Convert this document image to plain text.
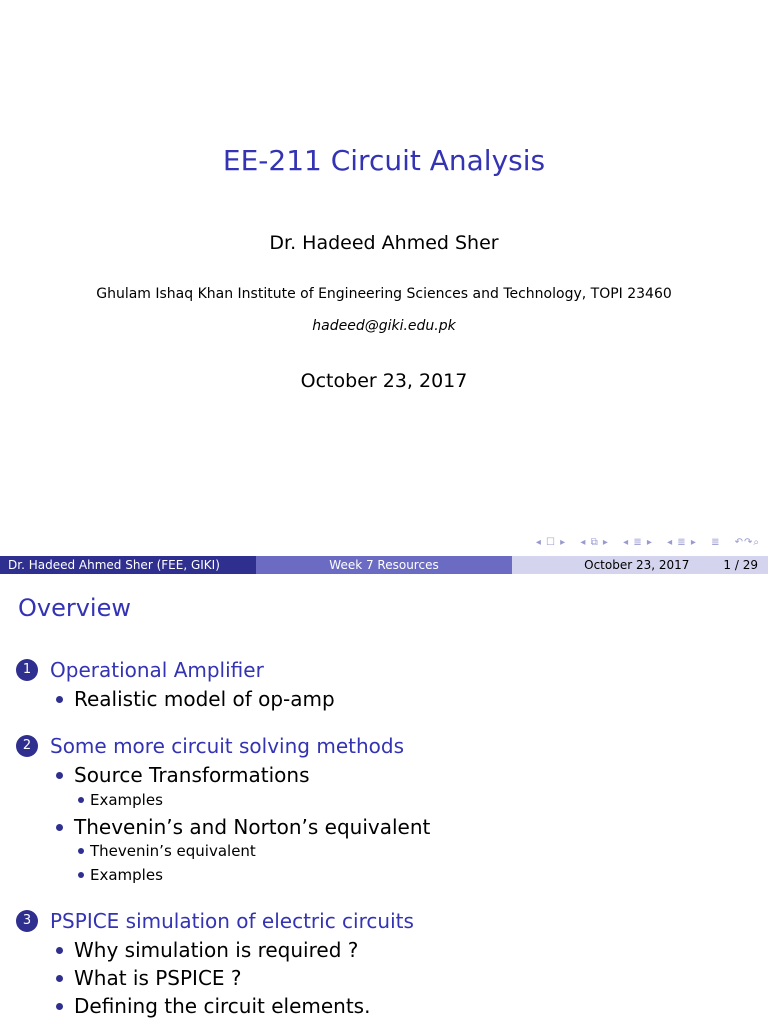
EE-211 Circuit Analysis
Dr. Hadeed Ahmed Sher
Ghulam Ishaq Khan Institute of Engineering Sciences and Technology, TOPI 23460
hadeed@giki.edu.pk
October 23, 2017
◂ ☐ ▸ ◂ ⧉ ▸ ◂ ≣ ▸ ◂ ≣ ▸ ≣ ↶↷⌕
Dr. Hadeed Ahmed Sher (FEE, GIKI)	Week 7 Resources	October 23, 2017	1 / 29
Overview
1 Operational Amplifier
Realistic model of op-amp
2 Some more circuit solving methods
Source Transformations
Examples
Thevenin’s and Norton’s equivalent
Thevenin’s equivalent
Examples
3 PSPICE simulation of electric circuits
Why simulation is required ?
What is PSPICE ?
Defining the circuit elements.
